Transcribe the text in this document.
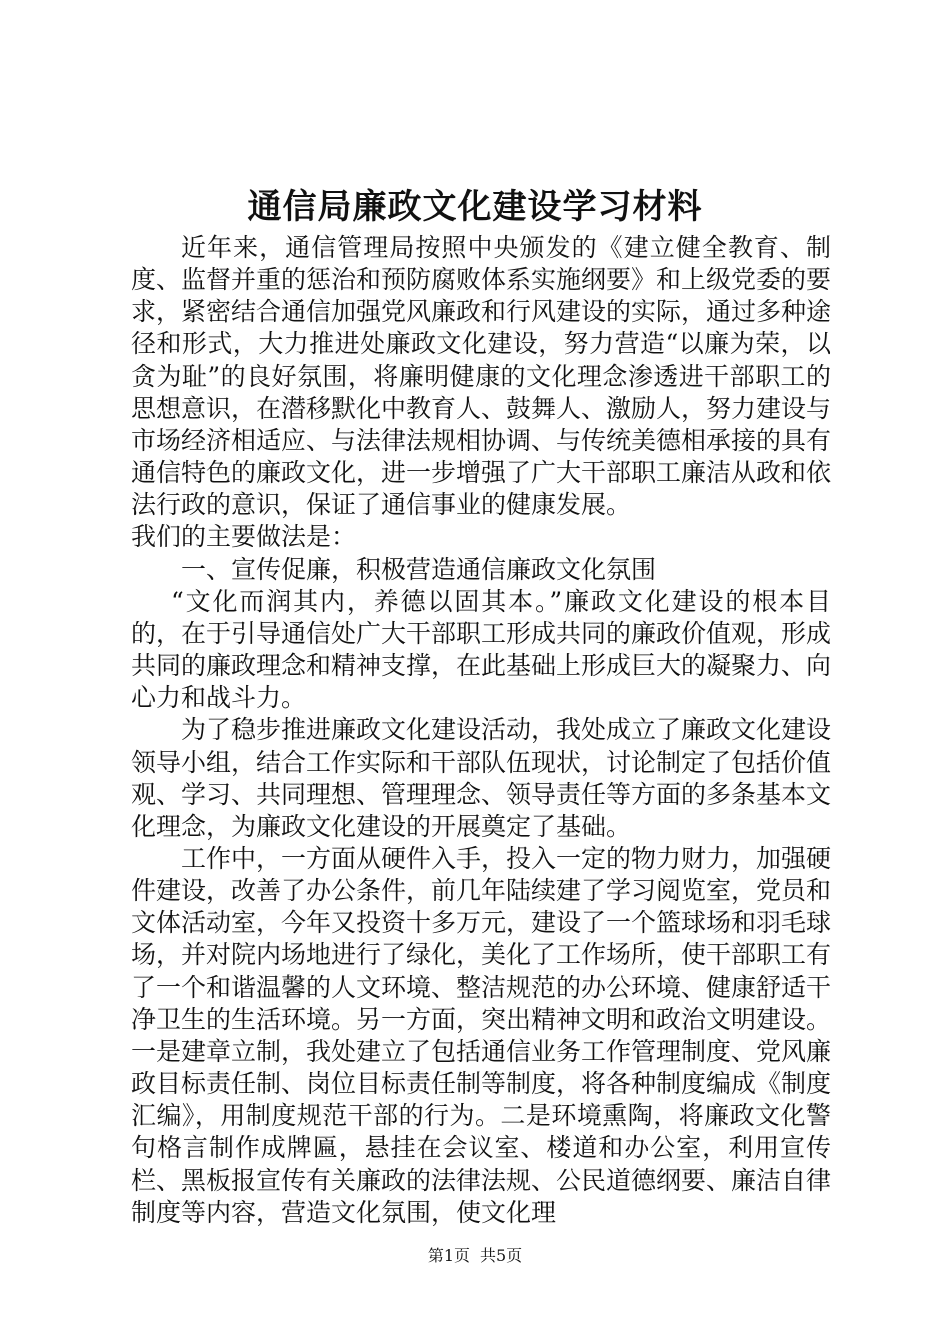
通信局廉政文化建设学习材料

近年来，通信管理局按照中央颁发的《建立健全教育、制度、监督并重的惩治和预防腐败体系实施纲要》和上级党委的要求，紧密结合通信加强党风廉政和行风建设的实际，通过多种途径和形式，大力推进处廉政文化建设，努力营造“以廉为荣，以贪为耻”的良好氛围，将廉明健康的文化理念渗透进干部职工的思想意识，在潜移默化中教育人、鼓舞人、激励人，努力建设与市场经济相适应、与法律法规相协调、与传统美德相承接的具有通信特色的廉政文化，进一步增强了广大干部职工廉洁从政和依法行政的意识，保证了通信事业的健康发展。

我们的主要做法是：

一、宣传促廉，积极营造通信廉政文化氛围

“文化而润其内，养德以固其本。”廉政文化建设的根本目的，在于引导通信处广大干部职工形成共同的廉政价值观，形成共同的廉政理念和精神支撑，在此基础上形成巨大的凝聚力、向心力和战斗力。

为了稳步推进廉政文化建设活动，我处成立了廉政文化建设领导小组，结合工作实际和干部队伍现状，讨论制定了包括价值观、学习、共同理想、管理理念、领导责任等方面的多条基本文化理念，为廉政文化建设的开展奠定了基础。

工作中，一方面从硬件入手，投入一定的物力财力，加强硬件建设，改善了办公条件，前几年陆续建了学习阅览室，党员和文体活动室，今年又投资十多万元，建设了一个篮球场和羽毛球场，并对院内场地进行了绿化，美化了工作场所，使干部职工有了一个和谐温馨的人文环境、整洁规范的办公环境、健康舒适干净卫生的生活环境。另一方面，突出精神文明和政治文明建设。一是建章立制，我处建立了包括通信业务工作管理制度、党风廉政目标责任制、岗位目标责任制等制度，将各种制度编成《制度汇编》，用制度规范干部的行为。二是环境熏陶，将廉政文化警句格言制作成牌匾，悬挂在会议室、楼道和办公室，利用宣传栏、黑板报宣传有关廉政的法律法规、公民道德纲要、廉洁自律制度等内容，营造文化氛围，使文化理

第1页 共5页
